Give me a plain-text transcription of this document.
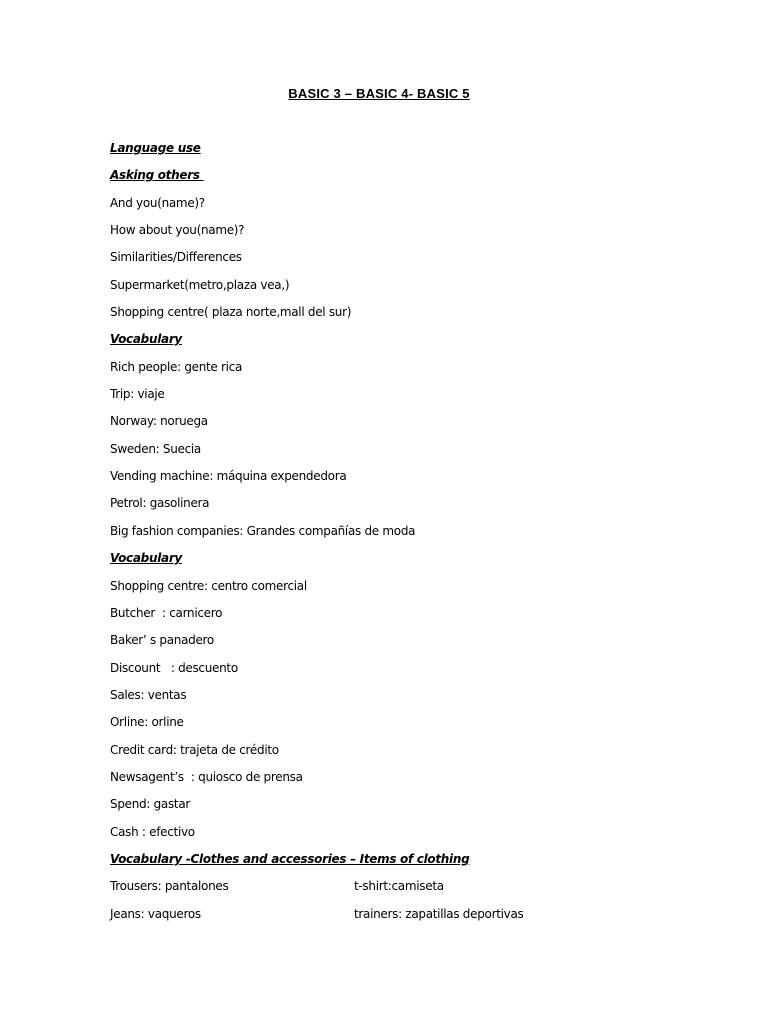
BASIC 3 – BASIC 4- BASIC 5
Language use
Asking others
And you(name)?
How about you(name)?
Similarities/Differences
Supermarket(metro,plaza vea,)
Shopping centre( plaza norte,mall del sur)
Vocabulary
Rich people: gente rica
Trip: viaje
Norway: noruega
Sweden: Suecia
Vending machine: máquina expendedora
Petrol: gasolinera
Big fashion companies: Grandes compañías de moda
Vocabulary
Shopping centre: centro comercial
Butcher  : carnicero
Baker’ s panadero
Discount   : descuento
Sales: ventas
Orline: orline
Credit card: trajeta de crédito
Newsagent’s  : quiosco de prensa
Spend: gastar
Cash : efectivo
Vocabulary -Clothes and accessories – Items of clothing
Trousers: pantalones	t-shirt:camiseta
Jeans: vaqueros	trainers: zapatillas deportivas
